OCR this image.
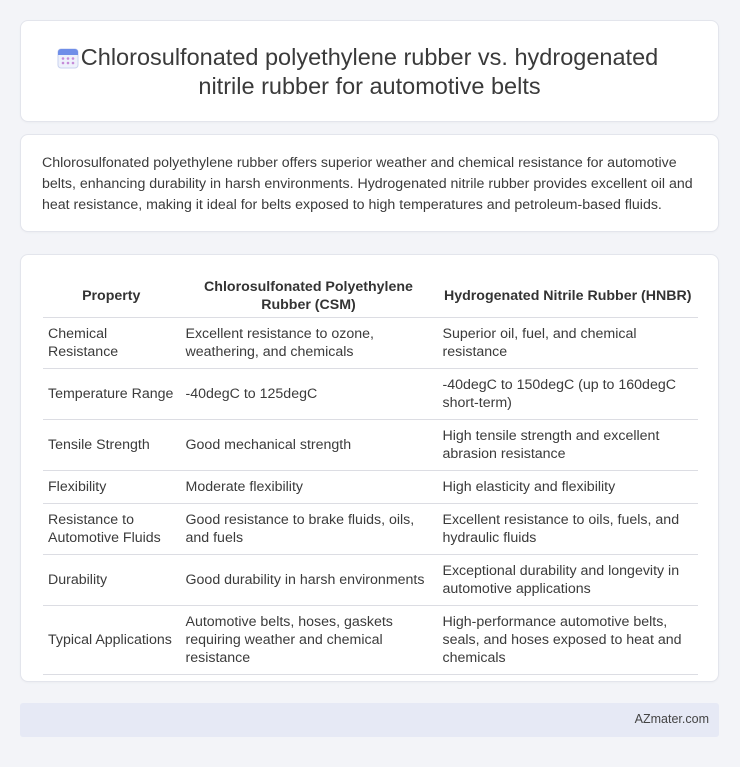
Chlorosulfonated polyethylene rubber vs. hydrogenated
nitrile rubber for automotive belts

Chlorosulfonated polyethylene rubber offers superior weather and chemical resistance for automotive belts, enhancing durability in harsh environments. Hydrogenated nitrile rubber provides excellent oil and heat resistance, making it ideal for belts exposed to high temperatures and petroleum-based fluids.

Property	Chlorosulfonated Polyethylene Rubber (CSM)	Hydrogenated Nitrile Rubber (HNBR)
Chemical Resistance	Excellent resistance to ozone, weathering, and chemicals	Superior oil, fuel, and chemical resistance
Temperature Range	-40degC to 125degC	-40degC to 150degC (up to 160degC short-term)
Tensile Strength	Good mechanical strength	High tensile strength and excellent abrasion resistance
Flexibility	Moderate flexibility	High elasticity and flexibility
Resistance to Automotive Fluids	Good resistance to brake fluids, oils, and fuels	Excellent resistance to oils, fuels, and hydraulic fluids
Durability	Good durability in harsh environments	Exceptional durability and longevity in automotive applications
Typical Applications	Automotive belts, hoses, gaskets requiring weather and chemical resistance	High-performance automotive belts, seals, and hoses exposed to heat and chemicals
AZmater.com
